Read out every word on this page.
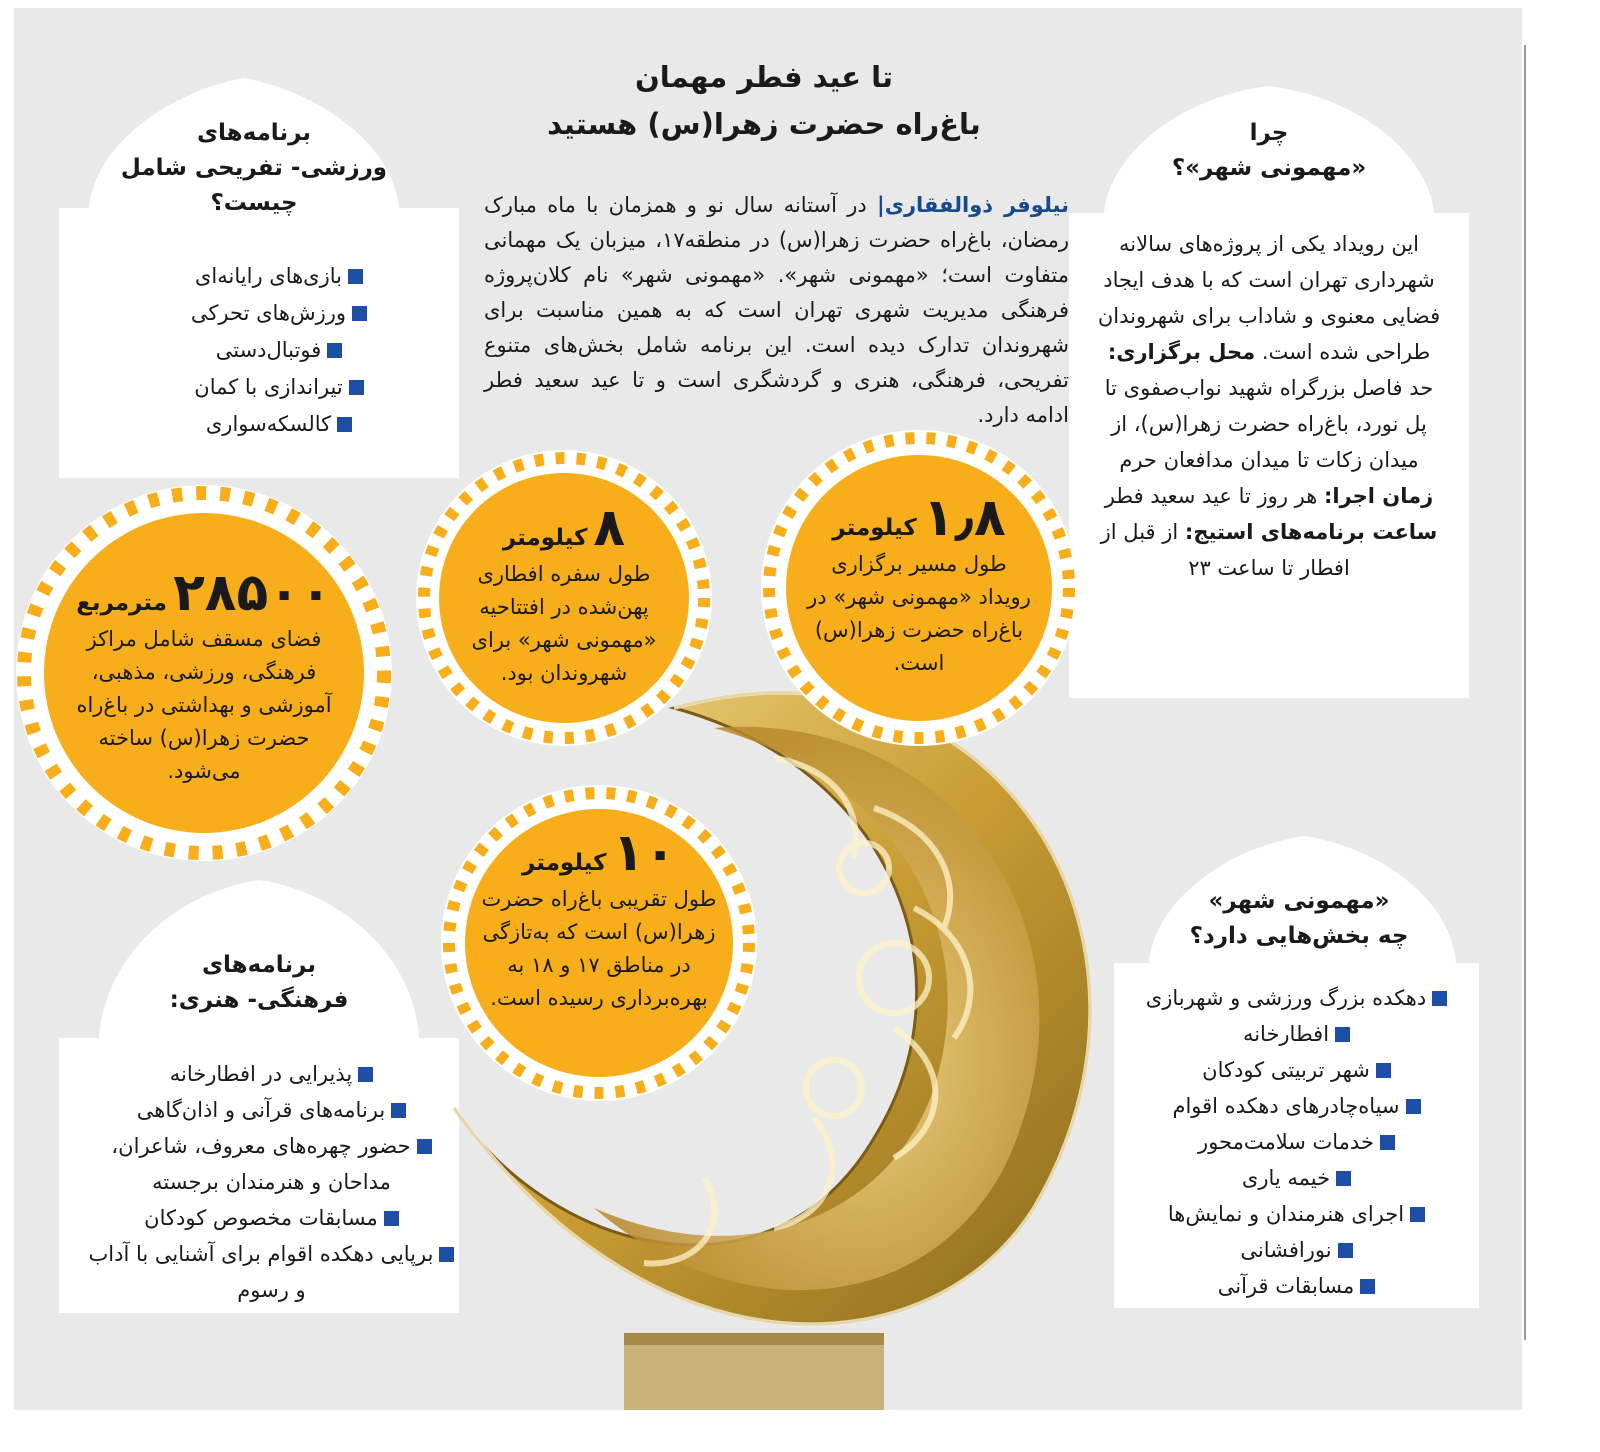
تا عید فطر مهمان
باغ‌راه حضرت زهرا(س) هستید
نیلوفر ذوالفقاری| در آستانه سال نو و همزمان با ماه مبارک رمضان، باغ‌راه حضرت زهرا(س) در منطقه۱۷، میزبان یک مهمانی متفاوت است؛ «مهمونی شهر». «مهمونی شهر» نام کلان‌پروژه فرهنگی مدیریت شهری تهران است که به همین مناسبت برای شهروندان تدارک دیده است. این برنامه شامل بخش‌های متنوع تفریحی، فرهنگی، هنری و گردشگری است و تا عید سعید فطر ادامه دارد.
برنامه‌های
ورزشی- تفریحی شامل
چیست؟
بازی‌های رایانه‌ای
ورزش‌های تحرکی
فوتبال‌دستی
تیراندازی با کمان
کالسکه‌سواری
چرا
«مهمونی شهر»؟
این رویداد یکی از پروژه‌های سالانه شهرداری تهران است که با هدف ایجاد فضایی معنوی و شاداب برای شهروندان طراحی شده است. محل برگزاری: حد فاصل بزرگراه شهید نواب‌صفوی تا پل نورد، باغ‌راه حضرت زهرا(س)، از میدان زکات تا میدان مدافعان حرم زمان اجرا: هر روز تا عید سعید فطر ساعت برنامه‌های استیج: از قبل از افطار تا ساعت ۲۳
برنامه‌های
فرهنگی- هنری:
پذیرایی در افطارخانه
برنامه‌های قرآنی و اذان‌گاهی
حضور چهره‌های معروف، شاعران، مداحان و هنرمندان برجسته
مسابقات مخصوص کودکان
برپایی دهکده اقوام برای آشنایی با آداب و رسوم
«مهمونی شهر»
چه بخش‌هایی دارد؟
دهکده بزرگ ورزشی و شهربازی
افطارخانه
شهر تربیتی کودکان
سیاه‌چادرهای دهکده اقوام
خدمات سلامت‌محور
خیمه یاری
اجرای هنرمندان و نمایش‌ها
نورافشانی
مسابقات قرآنی
۲۸۵۰۰مترمربع
فضای مسقف شامل مراکز فرهنگی، ورزشی، مذهبی، آموزشی و بهداشتی در باغ‌راه حضرت زهرا(س) ساخته می‌شود.
۸کیلومتر
طول سفره افطاری پهن‌شده در افتتاحیه «مهمونی شهر» برای شهروندان بود.
۱٫۸کیلومتر
طول مسیر برگزاری رویداد «مهمونی شهر» در باغ‌راه حضرت زهرا(س) است.
۱۰کیلومتر
طول تقریبی باغ‌راه حضرت زهرا(س) است که به‌تازگی در مناطق ۱۷ و ۱۸ به بهره‌برداری رسیده است.
